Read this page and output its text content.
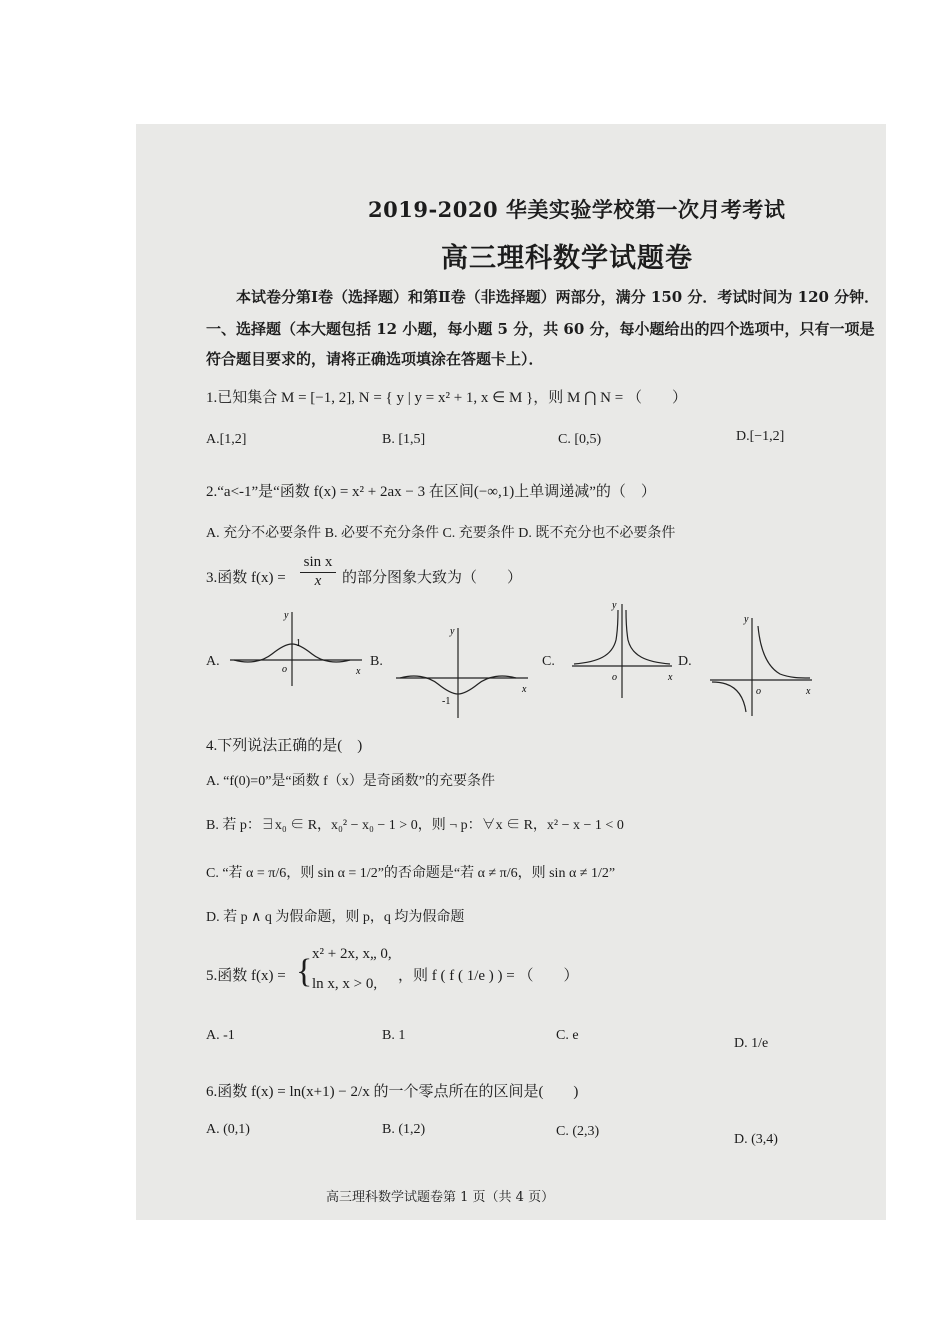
2019-2020 华美实验学校第一次月考考试
高三理科数学试题卷
本试卷分第Ⅰ卷（选择题）和第Ⅱ卷（非选择题）两部分，满分 150 分．考试时间为 120 分钟．
一、选择题（本大题包括 12 小题，每小题 5 分，共 60 分，每小题给出的四个选项中，只有一项是
符合题目要求的，请将正确选项填涂在答题卡上）．
1.已知集合 M = [−1, 2], N = { y | y = x² + 1, x ∈ M }，则 M ⋂ N = （　　）
A.[1,2]	B. [1,5]	C. [0,5)	D.[−1,2]
2.“a<-1”是“函数 f(x) = x² + 2ax − 3 在区间(−∞,1)上单调递减”的（　）
A. 充分不必要条件 B. 必要不充分条件 C. 充要条件 D. 既不充分也不必要条件
3.函数 $f(x) = \frac{\text{sin x}}{x}$ 的部分图象大致为（　　）
A.	B.	C.	D.
y
1
o	x
y
-1
x
y
o	x
y
o	x
4.下列说法正确的是(　)
A. “f(0)=0”是“函数 f（x）是奇函数”的充要条件
B. 若 p：∃x₀ ∈ R，x₀² − x₀ − 1 > 0，则 ¬ p：∀x ∈ R，x² − x − 1 < 0
C. “若 α = π/6，则 sin α = 1/2”的否命题是“若 α ≠ π/6，则 sin α ≠ 1/2”
D. 若 p ∧ q 为假命题，则 p，q 均为假命题
5.函数 f(x) = { x² + 2x, x„ 0,
ln x, x > 0, ，则 f ( f ( 1/e ) ) = （　　）
A. -1	B. 1	C. e
D. 1/e
6.函数 f(x) = ln(x+1) − 2/x 的一个零点所在的区间是(　　)
A. (0,1)	B. (1,2)	C. (2,3)
D. (3,4)
高三理科数学试题卷第 1 页（共 4 页）
